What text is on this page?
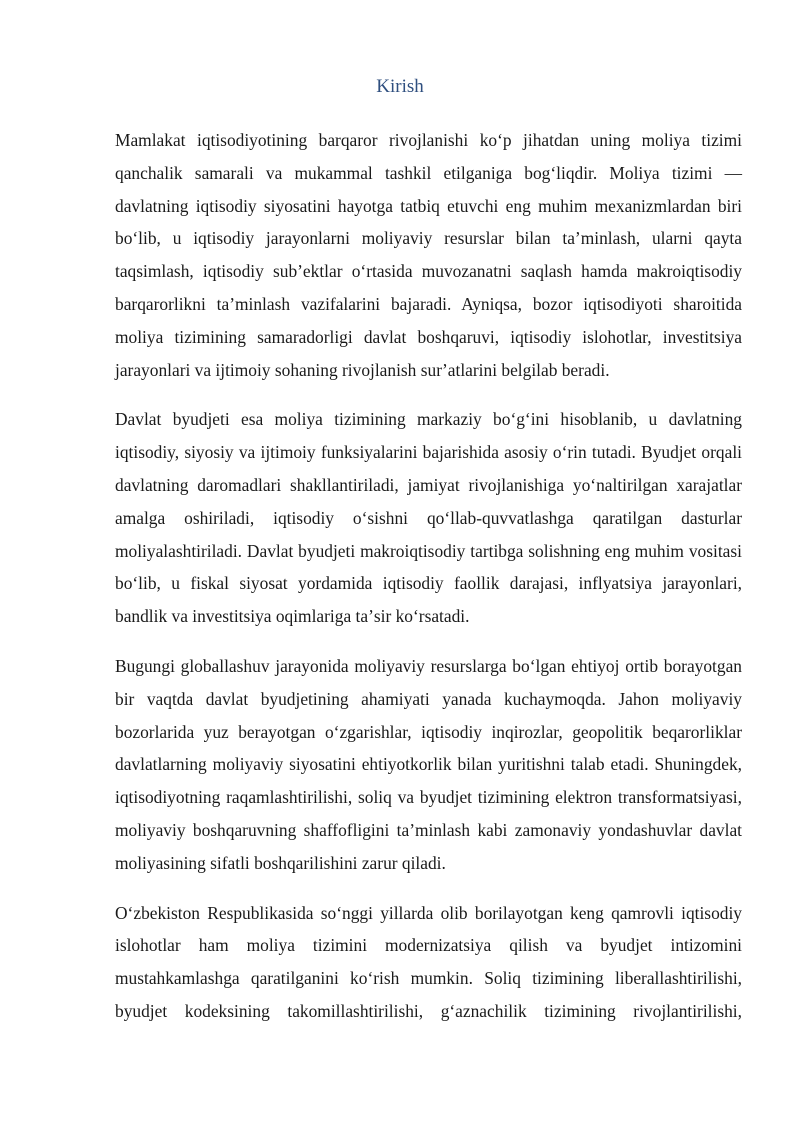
Kirish

Mamlakat iqtisodiyotining barqaror rivojlanishi koʻp jihatdan uning moliya tizimi qanchalik samarali va mukammal tashkil etilganiga bogʻliqdir. Moliya tizimi — davlatning iqtisodiy siyosatini hayotga tatbiq etuvchi eng muhim mexanizmlardan biri boʻlib, u iqtisodiy jarayonlarni moliyaviy resurslar bilan taʼminlash, ularni qayta taqsimlash, iqtisodiy subʼektlar oʻrtasida muvozanatni saqlash hamda makroiqtisodiy barqarorlikni taʼminlash vazifalarini bajaradi. Ayniqsa, bozor iqtisodiyoti sharoitida moliya tizimining samaradorligi davlat boshqaruvi, iqtisodiy islohotlar, investitsiya jarayonlari va ijtimoiy sohaning rivojlanish surʼatlarini belgilab beradi.

Davlat byudjeti esa moliya tizimining markaziy boʻgʻini hisoblanib, u davlatning iqtisodiy, siyosiy va ijtimoiy funksiyalarini bajarishida asosiy oʻrin tutadi. Byudjet orqali davlatning daromadlari shakllantiriladi, jamiyat rivojlanishiga yoʻnaltirilgan xarajatlar amalga oshiriladi, iqtisodiy oʻsishni qoʻllab-quvvatlashga qaratilgan dasturlar moliyalashtiriladi. Davlat byudjeti makroiqtisodiy tartibga solishning eng muhim vositasi boʻlib, u fiskal siyosat yordamida iqtisodiy faollik darajasi, inflyatsiya jarayonlari, bandlik va investitsiya oqimlariga taʼsir koʻrsatadi.

Bugungi globallashuv jarayonida moliyaviy resurslarga boʻlgan ehtiyoj ortib borayotgan bir vaqtda davlat byudjetining ahamiyati yanada kuchaymoqda. Jahon moliyaviy bozorlarida yuz berayotgan oʻzgarishlar, iqtisodiy inqirozlar, geopolitik beqarorliklar davlatlarning moliyaviy siyosatini ehtiyotkorlik bilan yuritishni talab etadi. Shuningdek, iqtisodiyotning raqamlashtirilishi, soliq va byudjet tizimining elektron transformatsiyasi, moliyaviy boshqaruvning shaffofligini taʼminlash kabi zamonaviy yondashuvlar davlat moliyasining sifatli boshqarilishini zarur qiladi.

Oʻzbekiston Respublikasida soʻnggi yillarda olib borilayotgan keng qamrovli iqtisodiy islohotlar ham moliya tizimini modernizatsiya qilish va byudjet intizomini mustahkamlashga qaratilganini koʻrish mumkin. Soliq tizimining liberallashtirilishi, byudjet kodeksining takomillashtirilishi, gʻaznachilik tizimining rivojlantirilishi,
